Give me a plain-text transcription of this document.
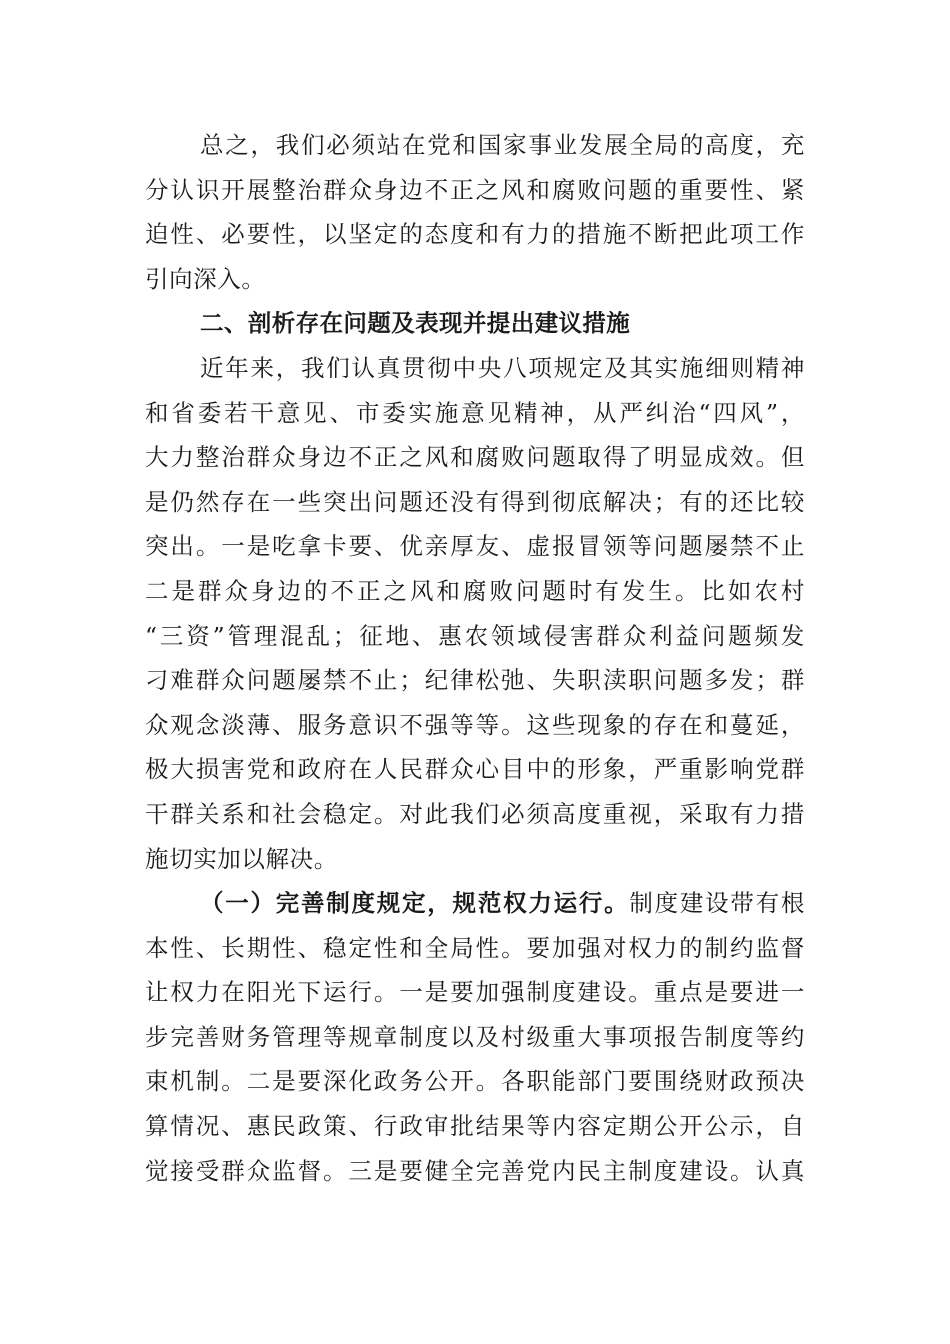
总之，我们必须站在党和国家事业发展全局的高度，充
分认识开展整治群众身边不正之风和腐败问题的重要性、紧
迫性、必要性，以坚定的态度和有力的措施不断把此项工作
引向深入。
二、剖析存在问题及表现并提出建议措施
近年来，我们认真贯彻中央八项规定及其实施细则精神
和省委若干意见、市委实施意见精神，从严纠治“四风”，
大力整治群众身边不正之风和腐败问题取得了明显成效。但
是仍然存在一些突出问题还没有得到彻底解决；有的还比较
突出。一是吃拿卡要、优亲厚友、虚报冒领等问题屡禁不止
二是群众身边的不正之风和腐败问题时有发生。比如农村
“三资”管理混乱；征地、惠农领域侵害群众利益问题频发
刁难群众问题屡禁不止；纪律松弛、失职渎职问题多发；群
众观念淡薄、服务意识不强等等。这些现象的存在和蔓延，
极大损害党和政府在人民群众心目中的形象，严重影响党群
干群关系和社会稳定。对此我们必须高度重视，采取有力措
施切实加以解决。
（一）完善制度规定，规范权力运行。制度建设带有根
本性、长期性、稳定性和全局性。要加强对权力的制约监督
让权力在阳光下运行。一是要加强制度建设。重点是要进一
步完善财务管理等规章制度以及村级重大事项报告制度等约
束机制。二是要深化政务公开。各职能部门要围绕财政预决
算情况、惠民政策、行政审批结果等内容定期公开公示，自
觉接受群众监督。三是要健全完善党内民主制度建设。认真
